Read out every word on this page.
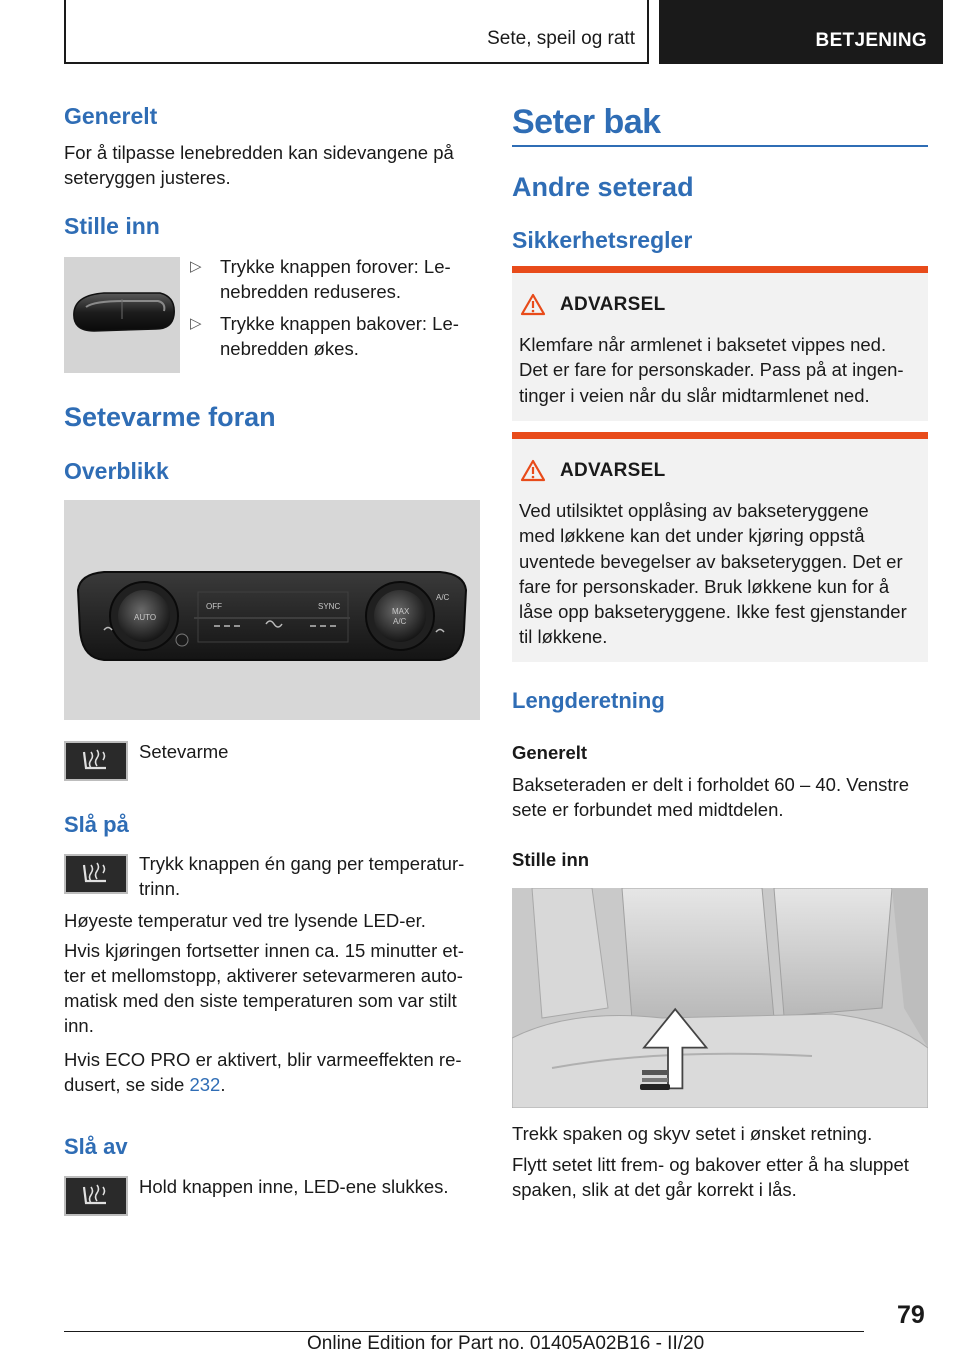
Sete, speil og ratt	BETJENING
Generelt
For å tilpasse lenebredden kan sidevangene på
seteryggen justeres.
Stille inn
▷ Trykke knappen forover: Le-
nebredden reduseres.
▷ Trykke knappen bakover: Le-
nebredden økes.
Setevarme foran
Overblikk
OFF	SYNC
AUTO
A/C
MAX
A/C
Setevarme
Slå på
Trykk knappen én gang per temperatur-
trinn.
Høyeste temperatur ved tre lysende LED-er.
Hvis kjøringen fortsetter innen ca. 15 minutter et-
ter et mellomstopp, aktiverer setevarmeren auto-
matisk med den siste temperaturen som var stilt
inn.
Hvis ECO PRO er aktivert, blir varmeeffekten re-
dusert, se side 232.
Slå av
Hold knappen inne, LED-ene slukkes.
Seter bak
Andre seterad
Sikkerhetsregler
ADVARSEL
Klemfare når armlenet i baksetet vippes ned.
Det er fare for personskader. Pass på at ingen-
tinger i veien når du slår midtarmlenet ned.
ADVARSEL
Ved utilsiktet opplåsing av bakseteryggene
med løkkene kan det under kjøring oppstå
uventede bevegelser av bakseteryggen. Det er
fare for personskader. Bruk løkkene kun for å
låse opp bakseteryggene. Ikke fest gjenstander
til løkkene.
Lengderetning
Generelt
Bakseteraden er delt i forholdet 60 – 40. Venstre
sete er forbundet med midtdelen.
Stille inn
Trekk spaken og skyv setet i ønsket retning.
Flytt setet litt frem- og bakover etter å ha sluppet
spaken, slik at det går korrekt i lås.
79
Online Edition for Part no. 01405A02B16 - II/20
